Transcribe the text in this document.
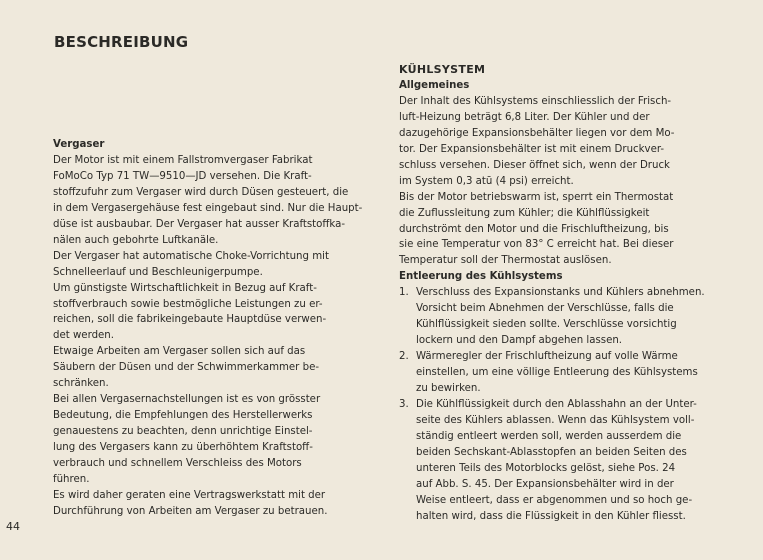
BESCHREIBUNG

Vergaser

Der Motor ist mit einem Fallstromvergaser Fabrikat

FoMoCo Typ 71 TW—9510—JD versehen. Die Kraft-

stoffzufuhr zum Vergaser wird durch Düsen gesteuert, die

in dem Vergasergehäuse fest eingebaut sind. Nur die Haupt-

düse ist ausbaubar. Der Vergaser hat ausser Kraftstoffka-

nälen auch gebohrte Luftkanäle.

Der Vergaser hat automatische Choke-Vorrichtung mit

Schnelleerlauf und Beschleunigerpumpe.

Um günstigste Wirtschaftlichkeit in Bezug auf Kraft-

stoffverbrauch sowie bestmögliche Leistungen zu er-

reichen, soll die fabrikeingebaute Hauptdüse verwen-

det werden.

Etwaige Arbeiten am Vergaser sollen sich auf das

Säubern der Düsen und der Schwimmerkammer be-

schränken.

Bei allen Vergasernachstellungen ist es von grösster

Bedeutung, die Empfehlungen des Herstellerwerks

genauestens zu beachten, denn unrichtige Einstel-

lung des Vergasers kann zu überhöhtem Kraftstoff-

verbrauch und schnellem Verschleiss des Motors

führen.

Es wird daher geraten eine Vertragswerkstatt mit der

Durchführung von Arbeiten am Vergaser zu betrauen.

KÜHLSYSTEM

Allgemeines

Der Inhalt des Kühlsystems einschliesslich der Frisch-

luft-Heizung beträgt 6,8 Liter. Der Kühler und der

dazugehörige Expansionsbehälter liegen vor dem Mo-

tor. Der Expansionsbehälter ist mit einem Druckver-

schluss versehen. Dieser öffnet sich, wenn der Druck

im System 0,3 atū (4 psi) erreicht.

Bis der Motor betriebswarm ist, sperrt ein Thermostat

die Zuflussleitung zum Kühler; die Kühlflüssigkeit

durchströmt den Motor und die Frischluftheizung, bis

sie eine Temperatur von 83° C erreicht hat. Bei dieser

Temperatur soll der Thermostat auslösen.

Entleerung des Kühlsystems

1. Verschluss des Expansionstanks und Kühlers abnehmen.

Vorsicht beim Abnehmen der Verschlüsse, falls die

Kühlflüssigkeit sieden sollte. Verschlüsse vorsichtig

lockern und den Dampf abgehen lassen.

2. Wärmeregler der Frischluftheizung auf volle Wärme

einstellen, um eine völlige Entleerung des Kühlsystems

zu bewirken.

3. Die Kühlflüssigkeit durch den Ablasshahn an der Unter-

seite des Kühlers ablassen. Wenn das Kühlsystem voll-

ständig entleert werden soll, werden ausserdem die

beiden Sechskant-Ablasstopfen an beiden Seiten des

unteren Teils des Motorblocks gelöst, siehe Pos. 24

auf Abb. S. 45. Der Expansionsbehälter wird in der

Weise entleert, dass er abgenommen und so hoch ge-

halten wird, dass die Flüssigkeit in den Kühler fliesst.

44
